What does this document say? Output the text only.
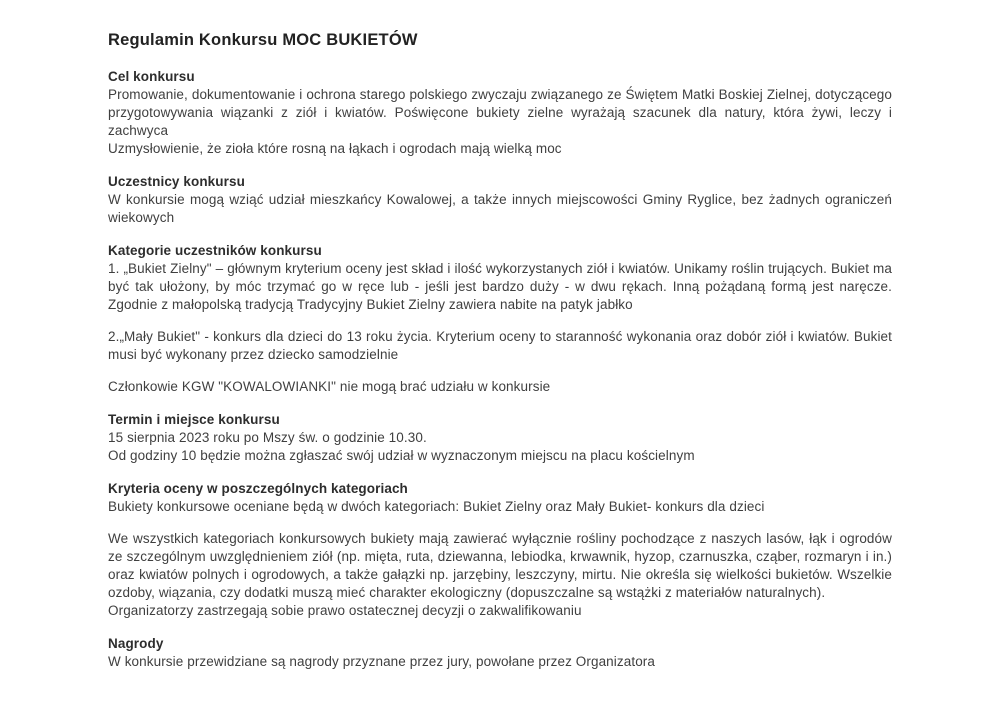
Regulamin Konkursu MOC BUKIETÓW
Cel konkursu

Promowanie, dokumentowanie i ochrona starego polskiego zwyczaju związanego ze Świętem Matki Boskiej Zielnej, dotyczącego przygotowywania wiązanki z ziół i kwiatów. Poświęcone bukiety zielne wyrażają szacunek dla natury, która żywi, leczy i zachwyca

Uzmysłowienie, że zioła które rosną na łąkach i ogrodach mają wielką moc

Uczestnicy konkursu

W konkursie mogą wziąć udział mieszkańcy Kowalowej, a także innych miejscowości Gminy Ryglice, bez żadnych ograniczeń wiekowych

Kategorie uczestników konkursu

1. „Bukiet Zielny" – głównym kryterium oceny jest skład i ilość wykorzystanych ziół i kwiatów. Unikamy roślin trujących. Bukiet ma być tak ułożony, by móc trzymać go w ręce lub - jeśli jest bardzo duży - w dwu rękach. Inną pożądaną formą jest naręcze. Zgodnie z małopolską tradycją Tradycyjny Bukiet Zielny zawiera nabite na patyk jabłko

2.„Mały Bukiet" - konkurs dla dzieci do 13 roku życia. Kryterium oceny to staranność wykonania oraz dobór ziół i kwiatów. Bukiet musi być wykonany przez dziecko samodzielnie

Członkowie KGW "KOWALOWIANKI" nie mogą brać udziału w konkursie

Termin i miejsce konkursu

15 sierpnia 2023 roku po Mszy św. o godzinie 10.30.

Od godziny 10 będzie można zgłaszać swój udział w wyznaczonym miejscu na placu kościelnym

Kryteria oceny w poszczególnych kategoriach

Bukiety konkursowe oceniane będą w dwóch kategoriach: Bukiet Zielny oraz Mały Bukiet- konkurs dla dzieci

We wszystkich kategoriach konkursowych bukiety mają zawierać wyłącznie rośliny pochodzące z naszych lasów, łąk i ogrodów ze szczególnym uwzględnieniem ziół (np. mięta, ruta, dziewanna, lebiodka, krwawnik, hyzop, czarnuszka, cząber, rozmaryn i in.) oraz kwiatów polnych i ogrodowych, a także gałązki np. jarzębiny, leszczyny, mirtu. Nie określa się wielkości bukietów. Wszelkie ozdoby, wiązania, czy dodatki muszą mieć charakter ekologiczny (dopuszczalne są wstążki z materiałów naturalnych).

Organizatorzy zastrzegają sobie prawo ostatecznej decyzji o zakwalifikowaniu

Nagrody

W konkursie przewidziane są nagrody przyznane przez jury, powołane przez Organizatora
